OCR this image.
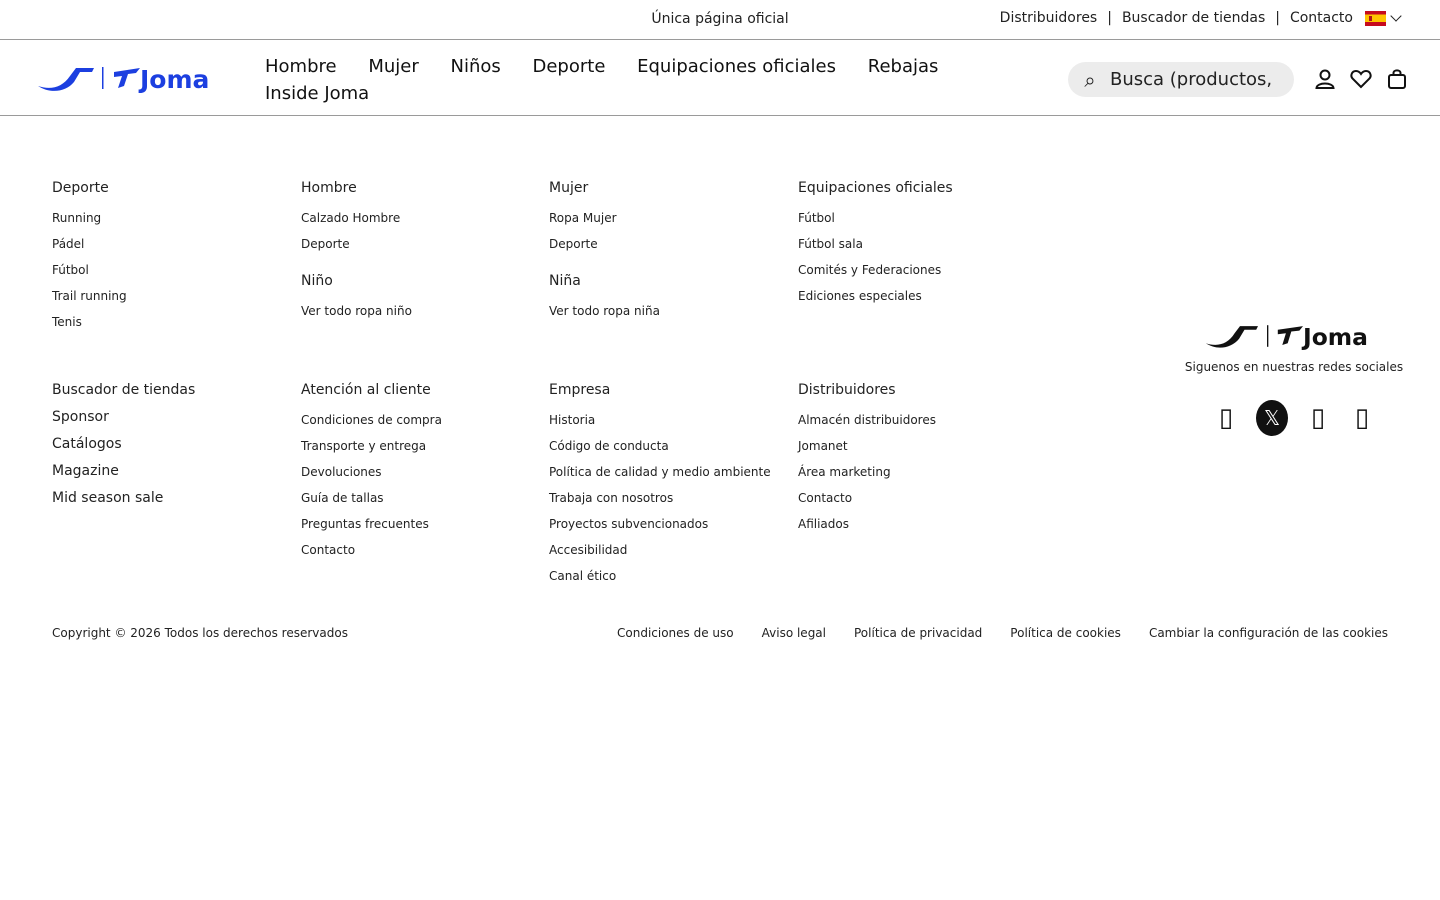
Única página oficial	Distribuidores | Buscador de tiendas | Contacto
Joma	Hombre Mujer Niños Deporte Equipaciones oficiales Rebajas Inside Joma
⌕
Busca (productos, categorías...)
Deporte
Running
Pádel
Fútbol
Trail running
Tenis
Buscador de tiendas
Sponsor
Catálogos
Magazine
Mid season sale
Hombre
Calzado Hombre
Deporte
Niño
Ver todo ropa niño
Atención al cliente
Condiciones de compra
Transporte y entrega
Devoluciones
Guía de tallas
Preguntas frecuentes
Contacto
Mujer
Ropa Mujer
Deporte
Niña
Ver todo ropa niña
Empresa
Historia
Código de conducta
Política de calidad y medio ambiente
Trabaja con nosotros
Proyectos subvencionados
Accesibilidad
Canal ético
Equipaciones oficiales
Fútbol
Fútbol sala
Comités y Federaciones
Ediciones especiales
Distribuidores
Almacén distribuidores
Jomanet
Área marketing
Contacto
Afiliados
Joma
Siguenos en nuestras redes sociales
▯	𝕏	▯ ▯
Copyright © 2026 Todos los derechos reservados	Condiciones de uso Aviso legal Política de privacidad Política de cookies Cambiar la configuración de las cookies
